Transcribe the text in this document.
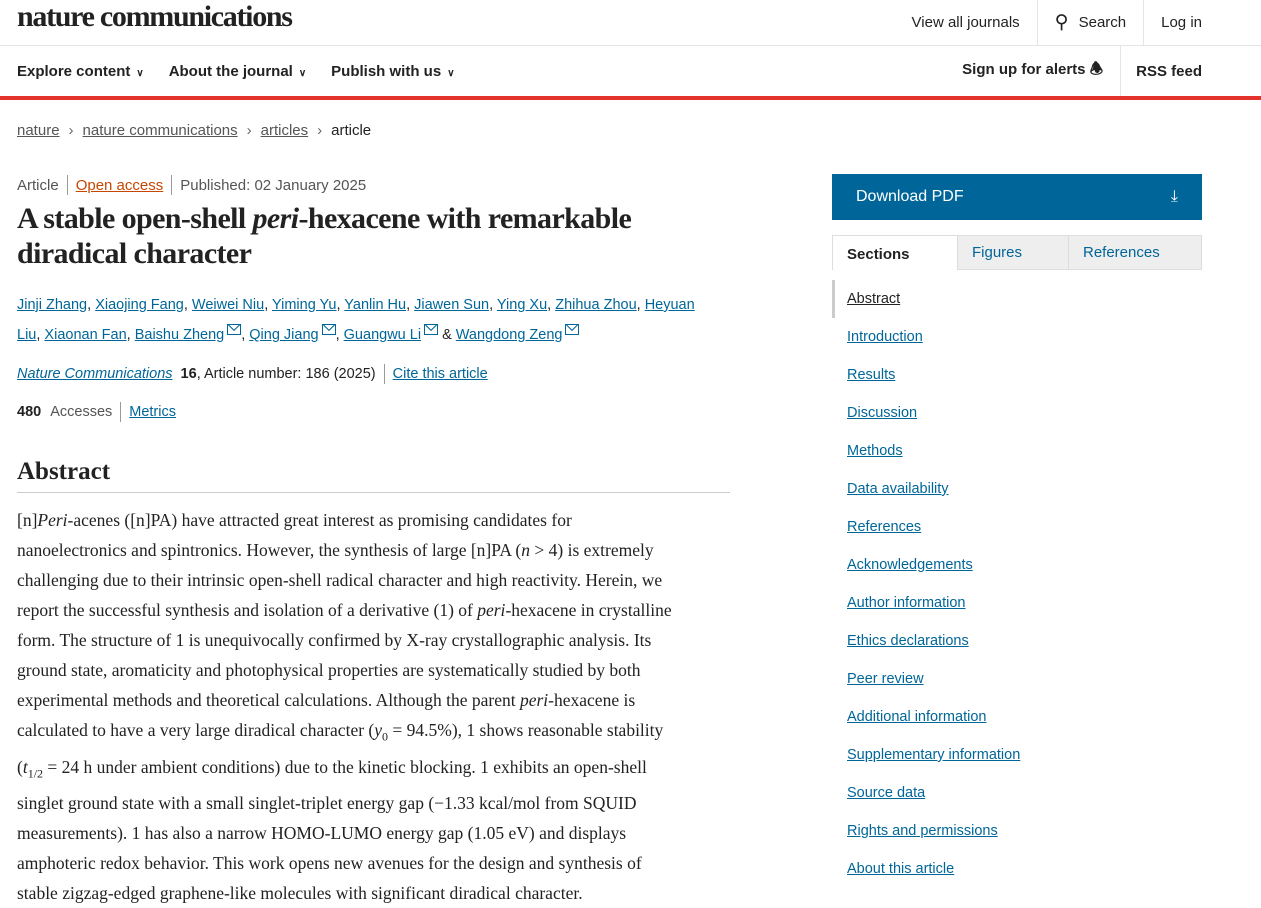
nature communications	View all journals	⚲ Search	Log in
Explore content ∨ About the journal ∨ Publish with us ∨	Sign up for alerts 🕭	RSS feed
nature › nature communications › articles › article
Article Open access Published: 02 January 2025
A stable open-shell peri-hexacene with remarkable diradical character
Jinji Zhang, Xiaojing Fang, Weiwei Niu, Yiming Yu, Yanlin Hu, Jiawen Sun, Ying Xu, Zhihua Zhou, Heyuan Liu, Xiaonan Fan, Baishu Zheng , Qing Jiang , Guangwu Li & Wangdong Zeng
Nature Communications 16 , Article number: 186 (2025) Cite this article
480 Accesses Metrics
Abstract
[n]Peri-acenes ([n]PA) have attracted great interest as promising candidates for
nanoelectronics and spintronics. However, the synthesis of large [n]PA (n > 4) is extremely
challenging due to their intrinsic open-shell radical character and high reactivity. Herein, we
report the successful synthesis and isolation of a derivative (1) of peri-hexacene in crystalline
form. The structure of 1 is unequivocally confirmed by X-ray crystallographic analysis. Its
ground state, aromaticity and photophysical properties are systematically studied by both
experimental methods and theoretical calculations. Although the parent peri-hexacene is
calculated to have a very large diradical character $(y_0 = 94.5\%)$, 1 shows reasonable stability
($t_{1/2} = 24$ h under ambient conditions) due to the kinetic blocking. 1 exhibits an open-shell
singlet ground state with a small singlet-triplet energy gap (−1.33 kcal/mol from SQUID
measurements). 1 has also a narrow HOMO-LUMO energy gap (1.05 eV) and displays
amphoteric redox behavior. This work opens new avenues for the design and synthesis of
stable zigzag-edged graphene-like molecules with significant diradical character.
Download PDF	⤓
Sections	Figures	References
Abstract
Introduction
Results
Discussion
Methods
Data availability
References
Acknowledgements
Author information
Ethics declarations
Peer review
Additional information
Supplementary information
Source data
Rights and permissions
About this article
